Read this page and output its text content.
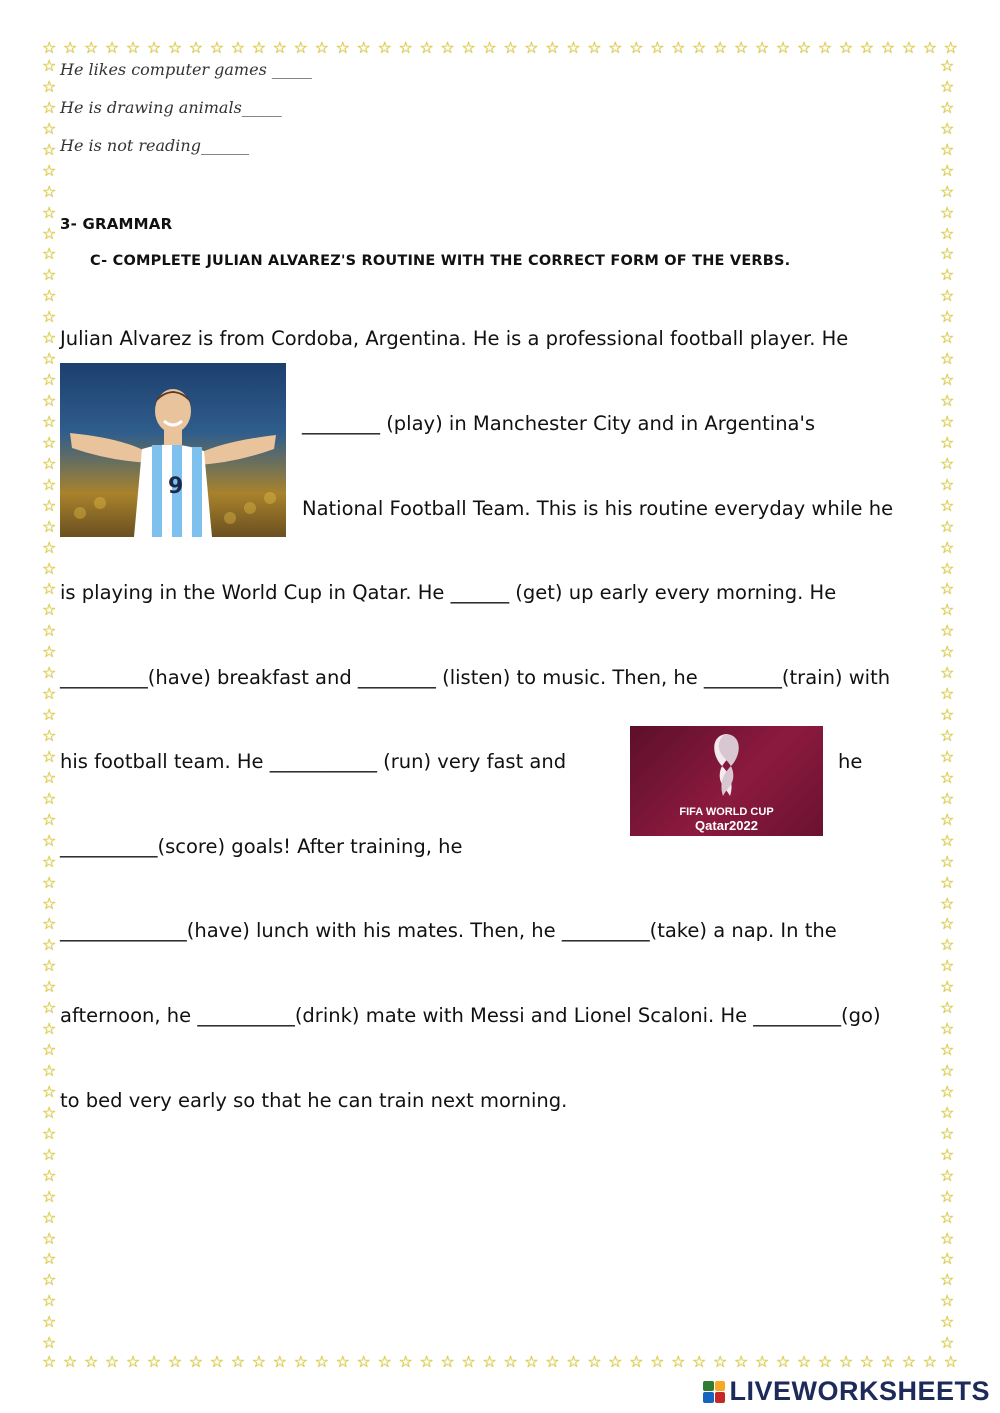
☆ ☆ ☆ ☆ ☆ ☆ ☆ ☆ ☆ ☆ ☆ ☆ ☆ ☆ ☆ ☆ ☆ ☆ ☆ ☆ ☆ ☆ ☆ ☆ ☆ ☆ ☆ ☆ ☆ ☆ ☆ ☆ ☆ ☆ ☆ ☆ ☆ ☆ ☆ ☆ ☆ ☆ ☆ ☆
☆ ☆ ☆ ☆ ☆ ☆ ☆ ☆ ☆ ☆ ☆ ☆ ☆ ☆ ☆ ☆ ☆ ☆ ☆ ☆ ☆ ☆ ☆ ☆ ☆ ☆ ☆ ☆ ☆ ☆ ☆ ☆ ☆ ☆ ☆ ☆ ☆ ☆ ☆ ☆ ☆ ☆ ☆ ☆
☆
☆
☆
☆
☆
☆
☆
☆
☆
☆
☆
☆
☆
☆
☆
☆
☆
☆
☆
☆
☆
☆
☆
☆
☆
☆
☆
☆
☆
☆
☆
☆
☆
☆
☆
☆
☆
☆
☆
☆
☆
☆
☆
☆
☆
☆
☆
☆
☆
☆
☆
☆
☆
☆
☆
☆
☆
☆
☆
☆
☆
☆
☆
☆
☆
☆
☆
☆
☆
☆
☆
☆
☆
☆
☆
☆
☆
☆
☆
☆
☆
☆
☆
☆
☆
☆
☆
☆
☆
☆
☆
☆
☆
☆
☆
☆
☆
☆
☆
☆
☆
☆
☆
☆
☆
☆
☆
☆
☆
☆
☆
☆
☆
☆
☆
☆
☆
☆
☆
☆
☆
☆
☆
☆
He likes computer games _____
He is drawing animals_____
He is not reading______
3- GRAMMAR
C- COMPLETE JULIAN ALVAREZ'S ROUTINE WITH THE CORRECT FORM OF THE VERBS.
Julian Alvarez is from Cordoba, Argentina. He is a professional football player. He
9
________ (play) in Manchester City and in Argentina's
National Football Team. This is his routine everyday while he
is playing in the World Cup in Qatar. He ______ (get) up early every morning. He
_________(have) breakfast and ________ (listen) to music. Then, he ________(train) with
his football team. He ___________ (run) very fast and
FIFA WORLD CUP
Qatar2022
he
__________(score) goals! After training, he
_____________(have) lunch with his mates. Then, he _________(take) a nap. In the
afternoon, he __________(drink) mate with Messi and Lionel Scaloni. He _________(go)
to bed very early so that he can train next morning.
LIVEWORKSHEETS
